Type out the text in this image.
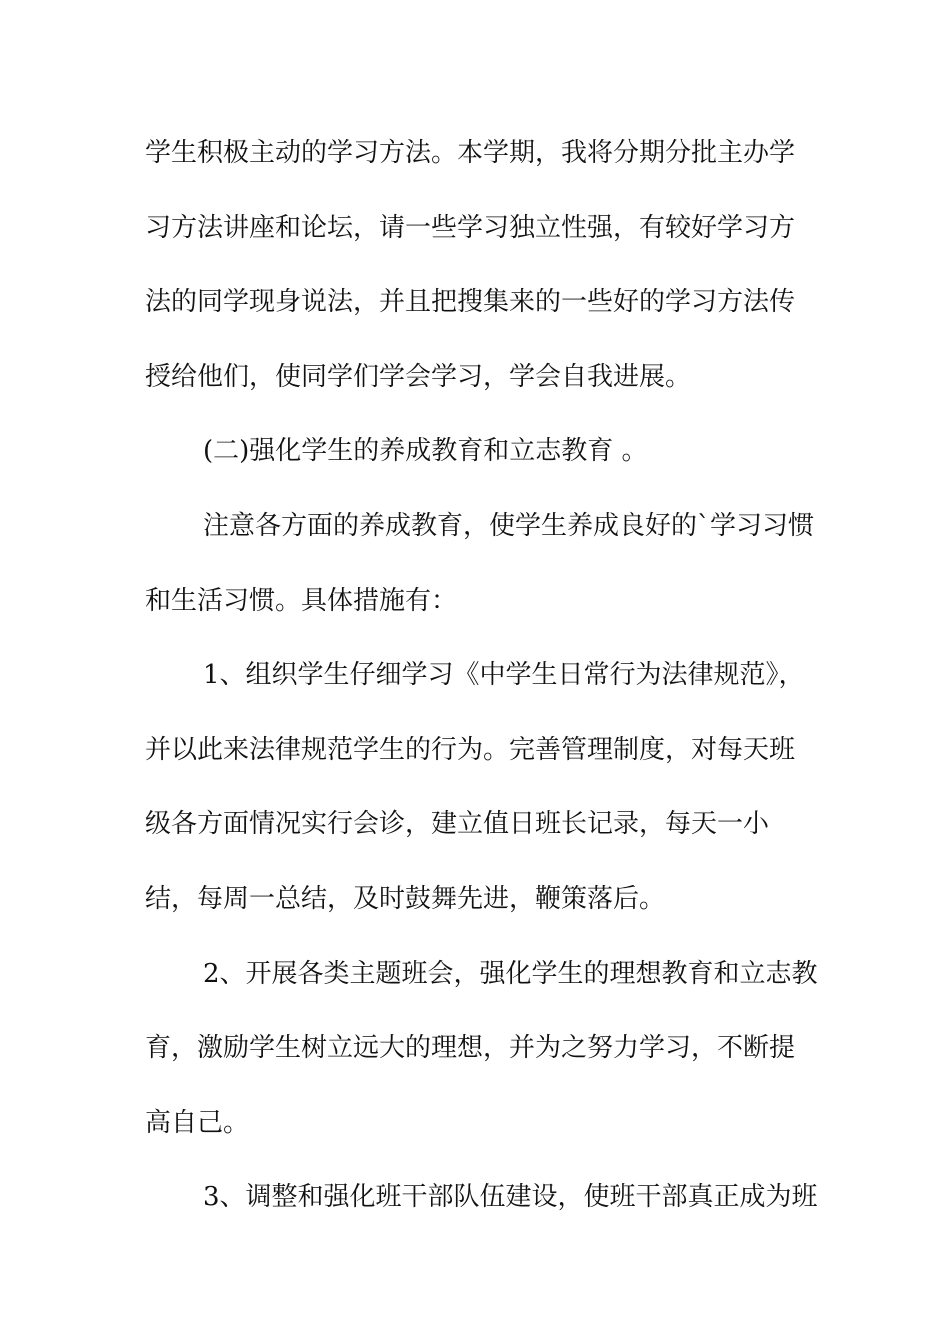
学生积极主动的学习方法。本学期，我将分期分批主办学
习方法讲座和论坛，请一些学习独立性强，有较好学习方
法的同学现身说法，并且把搜集来的一些好的学习方法传
授给他们，使同学们学会学习，学会自我进展。
(二)强化学生的养成教育和立志教育 。
注意各方面的养成教育，使学生养成良好的`学习习惯
和生活习惯。具体措施有：
1、组织学生仔细学习《中学生日常行为法律规范》，
并以此来法律规范学生的行为。完善管理制度，对每天班
级各方面情况实行会诊，建立值日班长记录，每天一小
结，每周一总结，及时鼓舞先进，鞭策落后。
2、开展各类主题班会，强化学生的理想教育和立志教
育，激励学生树立远大的理想，并为之努力学习，不断提
高自己。
3、调整和强化班干部队伍建设，使班干部真正成为班
